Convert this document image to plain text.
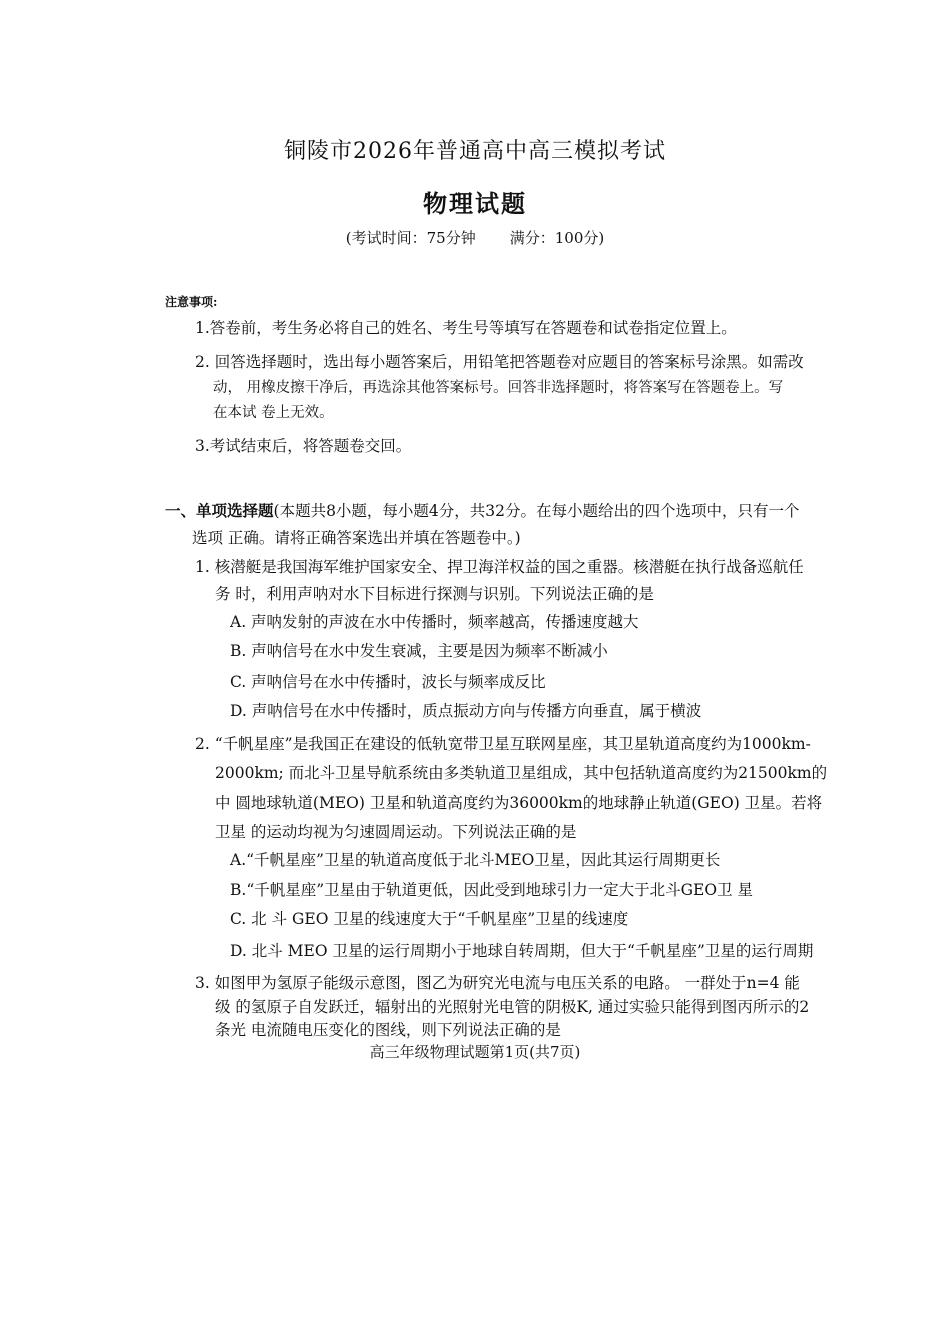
铜陵市2026年普通高中高三模拟考试
物理试题
(考试时间：75分钟 满分：100分)
注意事项:
1.答卷前，考生务必将自己的姓名、考生号等填写在答题卷和试卷指定位置上。
2. 回答选择题时，选出每小题答案后，用铅笔把答题卷对应题目的答案标号涂黑。如需改
动， 用橡皮擦干净后，再选涂其他答案标号。回答非选择题时，将答案写在答题卷上。写
在本试 卷上无效。
3.考试结束后，将答题卷交回。
一、单项选择题(本题共8小题，每小题4分，共32分。在每小题给出的四个选项中，只有一个
选项 正确。请将正确答案选出并填在答题卷中。)
1. 核潜艇是我国海军维护国家安全、捍卫海洋权益的国之重器。核潜艇在执行战备巡航任
务 时，利用声呐对水下目标进行探测与识别。下列说法正确的是
A. 声呐发射的声波在水中传播时，频率越高，传播速度越大
B. 声呐信号在水中发生衰减，主要是因为频率不断减小
C. 声呐信号在水中传播时，波长与频率成反比
D. 声呐信号在水中传播时，质点振动方向与传播方向垂直，属于横波
2. “千帆星座”是我国正在建设的低轨宽带卫星互联网星座，其卫星轨道高度约为1000km-
2000km; 而北斗卫星导航系统由多类轨道卫星组成，其中包括轨道高度约为21500km的
中 圆地球轨道(MEO) 卫星和轨道高度约为36000km的地球静止轨道(GEO) 卫星。若将
卫星 的运动均视为匀速圆周运动。下列说法正确的是
A.“千帆星座”卫星的轨道高度低于北斗MEO卫星，因此其运行周期更长
B.“千帆星座”卫星由于轨道更低，因此受到地球引力一定大于北斗GEO卫 星
C. 北 斗 GEO 卫星的线速度大于“千帆星座”卫星的线速度
D. 北斗 MEO 卫星的运行周期小于地球自转周期，但大于“千帆星座”卫星的运行周期
3. 如图甲为氢原子能级示意图，图乙为研究光电流与电压关系的电路。 一群处于n=4 能
级 的氢原子自发跃迁，辐射出的光照射光电管的阴极K, 通过实验只能得到图丙所示的2
条光 电流随电压变化的图线，则下列说法正确的是
高三年级物理试题第1页(共7页)
